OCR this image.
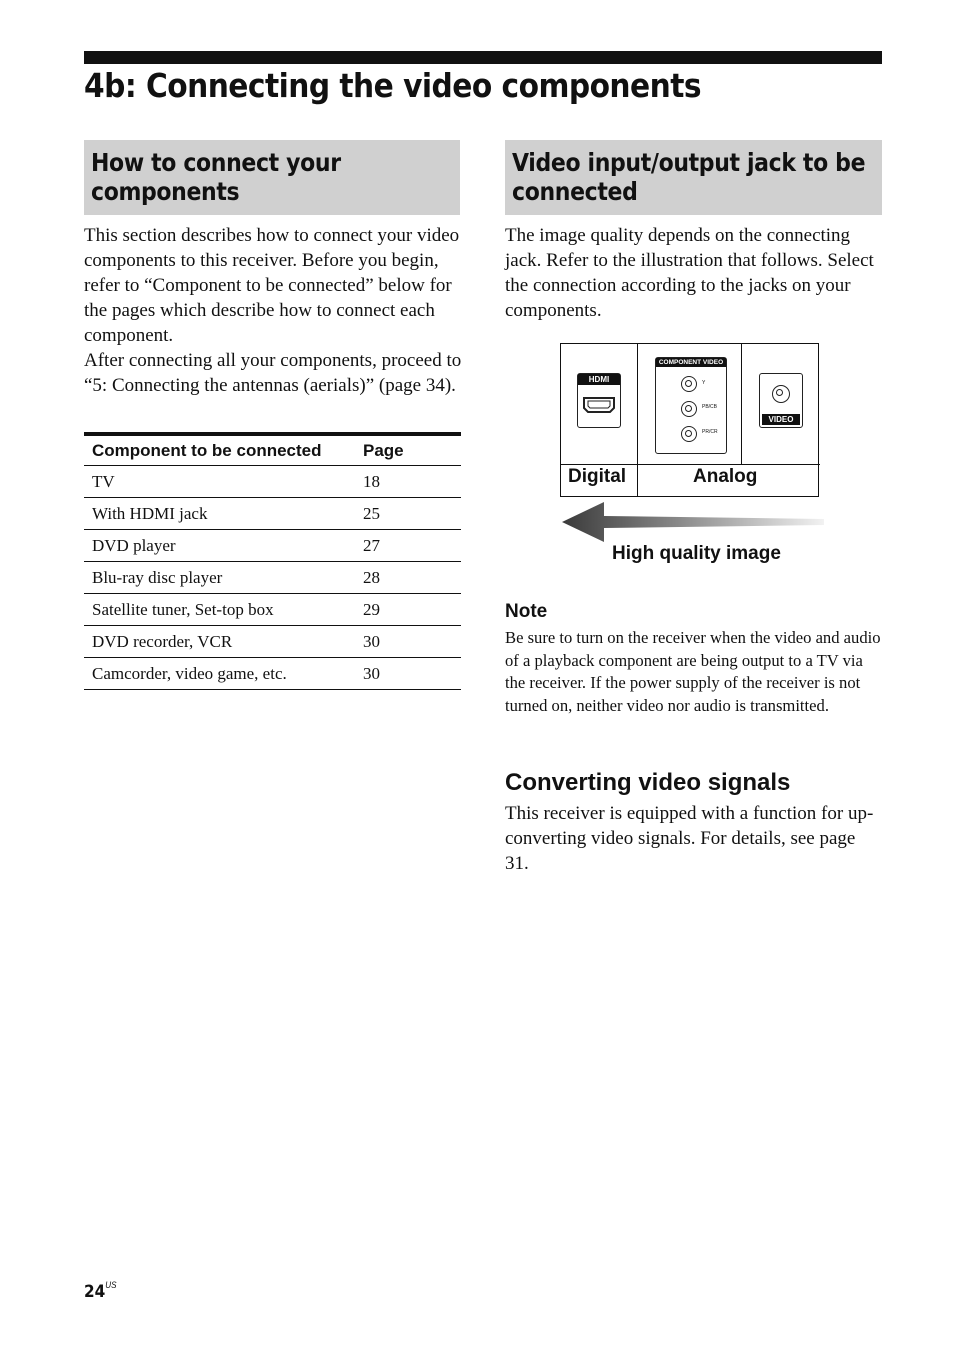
4b: Connecting the video components
How to connect your components

This section describes how to connect your video components to this receiver. Before you begin, refer to “Component to be connected” below for the pages which describe how to connect each component.

After connecting all your components, proceed to “5: Connecting the antennas (aerials)” (page 34).

Component to be connected	Page
TV	18
With HDMI jack	25
DVD player	27
Blu-ray disc player	28
Satellite tuner, Set-top box	29
DVD recorder, VCR	30
Camcorder, video game, etc.	30
Video input/output jack to be connected

The image quality depends on the connecting jack. Refer to the illustration that follows. Select the connection according to the jacks on your components.

HDMI
COMPONENT VIDEO
Y
PB/CB
PR/CR
VIDEO
Digital	Analog
High quality image
Note

Be sure to turn on the receiver when the video and audio of a playback component are being output to a TV via the receiver. If the power supply of the receiver is not turned on, neither video nor audio is transmitted.

Converting video signals

This receiver is equipped with a function for up-converting video signals. For details, see page 31.

$24^{US}$
